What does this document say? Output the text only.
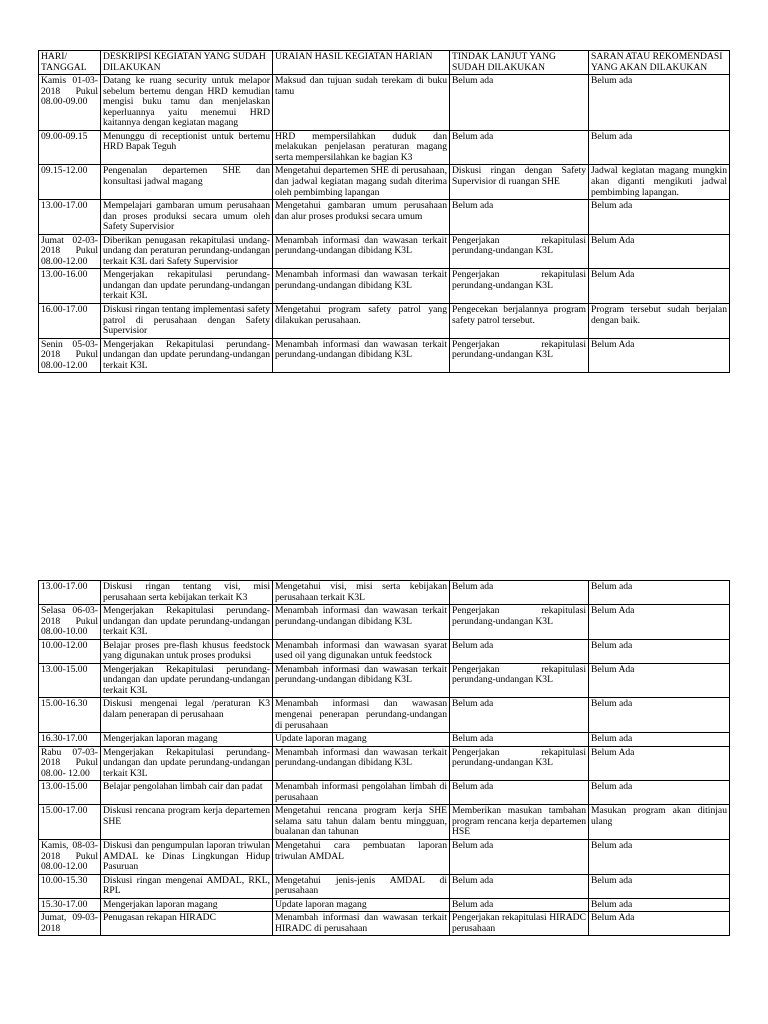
HARI/ TANGGAL	DESKRIPSI KEGIATAN YANG SUDAH DILAKUKAN	URAIAN HASIL KEGIATAN HARIAN	TINDAK LANJUT YANG SUDAH DILAKUKAN	SARAN ATAU REKOMENDASI YANG AKAN DILAKUKAN
Kamis 01-03-2018 Pukul 08.00-09.00	Datang ke ruang security untuk melapor sebelum bertemu dengan HRD kemudian mengisi buku tamu dan menjelaskan keperluannya yaitu menemui HRD kaitannya dengan kegiatan magang	Maksud dan tujuan sudah terekam di buku tamu	Belum ada	Belum ada
09.00-09.15	Menunggu di receptionist untuk bertemu HRD Bapak Teguh	HRD mempersilahkan duduk dan melakukan penjelasan peraturan magang serta mempersilahkan ke bagian K3	Belum ada	Belum ada
09.15-12.00	Pengenalan departemen SHE dan konsultasi jadwal magang	Mengetahui departemen SHE di perusahaan, dan jadwal kegiatan magang sudah diterima oleh pembimbing lapangan	Diskusi ringan dengan Safety Supervisior di ruangan SHE	Jadwal kegiatan magang mungkin akan diganti mengikuti jadwal pembimbing lapangan.
13.00-17.00	Mempelajari gambaran umum perusahaan dan proses produksi secara umum oleh Safety Supervisior	Mengetahui gambaran umum perusahaan dan alur proses produksi secara umum	Belum ada	Belum ada
Jumat 02-03-2018 Pukul 08.00-12.00	Diberikan penugasan rekapitulasi undang-undang dan peraturan perundang-undangan terkait K3L dari Safety Supervisior	Menambah informasi dan wawasan terkait perundang-undangan dibidang K3L	Pengerjakan rekapitulasi perundang-undangan K3L	Belum Ada
13.00-16.00	Mengerjakan rekapitulasi perundang-undangan dan update perundang-undangan terkait K3L	Menambah informasi dan wawasan terkait perundang-undangan dibidang K3L	Pengerjakan rekapitulasi perundang-undangan K3L	Belum Ada
16.00-17.00	Diskusi ringan tentang implementasi safety patrol di perusahaan dengan Safety Supervisior	Mengetahui program safety patrol yang dilakukan perusahaan.	Pengecekan berjalannya program safety patrol tersebut.	Program tersebut sudah berjalan dengan baik.
Senin 05-03-2018 Pukul 08.00-12.00	Mengerjakan Rekapitulasi perundang-undangan dan update perundang-undangan terkait K3L	Menambah informasi dan wawasan terkait perundang-undangan dibidang K3L	Pengerjakan rekapitulasi perundang-undangan K3L	Belum Ada
13.00-17.00	Diskusi ringan tentang visi, misi perusahaan serta kebijakan terkait K3	Mengetahui visi, misi serta kebijakan perusahaan terkait K3L	Belum ada	Belum ada
Selasa 06-03-2018 Pukul 08.00-10.00	Mengerjakan Rekapitulasi perundang-undangan dan update perundang-undangan terkait K3L	Menambah informasi dan wawasan terkait perundang-undangan dibidang K3L	Pengerjakan rekapitulasi perundang-undangan K3L	Belum Ada
10.00-12.00	Belajar proses pre-flash khusus feedstock yang digunakan untuk proses produksi	Menambah informasi dan wawasan syarat used oil yang digunakan untuk feedstock	Belum ada	Belum ada
13.00-15.00	Mengerjakan Rekapitulasi perundang-undangan dan update perundang-undangan terkait K3L	Menambah informasi dan wawasan terkait perundang-undangan dibidang K3L	Pengerjakan rekapitulasi perundang-undangan K3L	Belum Ada
15.00-16.30	Diskusi mengenai legal /peraturan K3 dalam penerapan di perusahaan	Menambah informasi dan wawasan mengenai penerapan perundang-undangan di perusahaan	Belum ada	Belum ada
16.30-17.00	Mengerjakan laporan magang	Update laporan magang	Belum ada	Belum ada
Rabu 07-03-2018 Pukul 08.00- 12.00	Mengerjakan Rekapitulasi perundang-undangan dan update perundang-undangan terkait K3L	Menambah informasi dan wawasan terkait perundang-undangan dibidang K3L	Pengerjakan rekapitulasi perundang-undangan K3L	Belum Ada
13.00-15.00	Belajar pengolahan limbah cair dan padat	Menambah informasi pengolahan limbah di perusahaan	Belum ada	Belum ada
15.00-17.00	Diskusi rencana program kerja departemen SHE	Mengetahui rencana program kerja SHE selama satu tahun dalam bentu mingguan, bualanan dan tahunan	Memberikan masukan tambahan program rencana kerja departemen HSE	Masukan program akan ditinjau ulang
Kamis, 08-03-2018 Pukul 08.00-12.00	Diskusi dan pengumpulan laporan triwulan AMDAL ke Dinas Lingkungan Hidup Pasuruan	Mengetahui cara pembuatan laporan triwulan AMDAL	Belum ada	Belum ada
10.00-15.30	Diskusi ringan mengenai AMDAL, RKL, RPL	Mengetahui jenis-jenis AMDAL di perusahaan	Belum ada	Belum ada
15.30-17.00	Mengerjakan laporan magang	Update laporan magang	Belum ada	Belum ada
Jumat, 09-03-2018	Penugasan rekapan HIRADC	Menambah informasi dan wawasan terkait HIRADC di perusahaan	Pengerjakan rekapitulasi HIRADC perusahaan	Belum Ada
